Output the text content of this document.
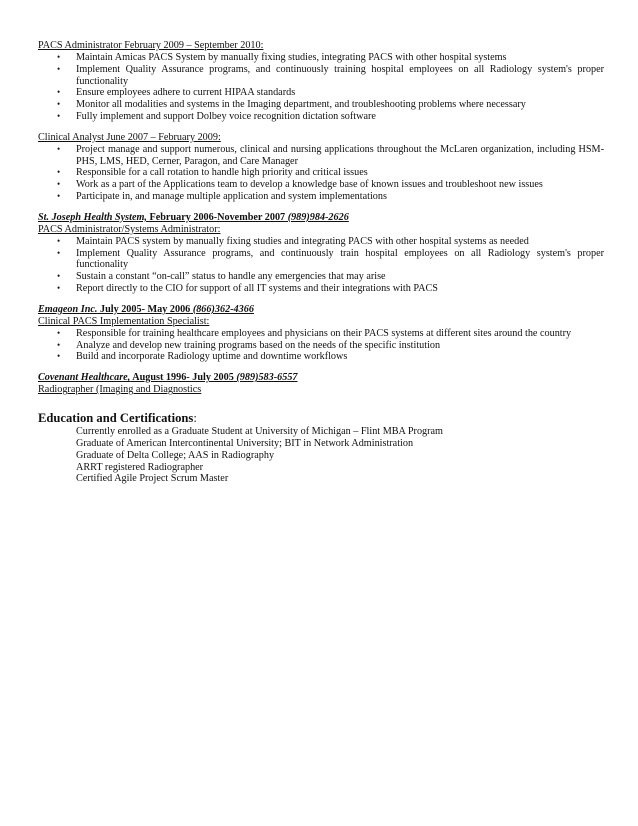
PACS Administrator February 2009 – September 2010:
• Maintain Amicas PACS System by manually fixing studies, integrating PACS with other hospital systems
• Implement Quality Assurance programs, and continuously training hospital employees on all Radiology system's proper functionality
• Ensure employees adhere to current HIPAA standards
• Monitor all modalities and systems in the Imaging department, and troubleshooting problems where necessary
• Fully implement and support Dolbey voice recognition dictation software
Clinical Analyst June 2007 – February 2009:
• Project manage and support numerous, clinical and nursing applications throughout the McLaren organization, including HSM-PHS, LMS, HED, Cerner, Paragon, and Care Manager
• Responsible for a call rotation to handle high priority and critical issues
• Work as a part of the Applications team to develop a knowledge base of known issues and troubleshoot new issues
• Participate in, and manage multiple application and system implementations
St. Joseph Health System, February 2006-November 2007 (989)984-2626
PACS Administrator/Systems Administrator:
• Maintain PACS system by manually fixing studies and integrating PACS with other hospital systems as needed
• Implement Quality Assurance programs, and continuously train hospital employees on all Radiology system's proper functionality
• Sustain a constant “on-call” status to handle any emergencies that may arise
• Report directly to the CIO for support of all IT systems and their integrations with PACS
Emageon Inc. July 2005- May 2006 (866)362-4366
Clinical PACS Implementation Specialist:
• Responsible for training healthcare employees and physicians on their PACS systems at different sites around the country
• Analyze and develop new training programs based on the needs of the specific institution
• Build and incorporate Radiology uptime and downtime workflows
Covenant Healthcare, August 1996- July 2005 (989)583-6557
Radiographer (Imaging and Diagnostics
Education and Certifications:
Currently enrolled as a Graduate Student at University of Michigan – Flint MBA Program
Graduate of American Intercontinental University; BIT in Network Administration
Graduate of Delta College; AAS in Radiography
ARRT registered Radiographer
Certified Agile Project Scrum Master
